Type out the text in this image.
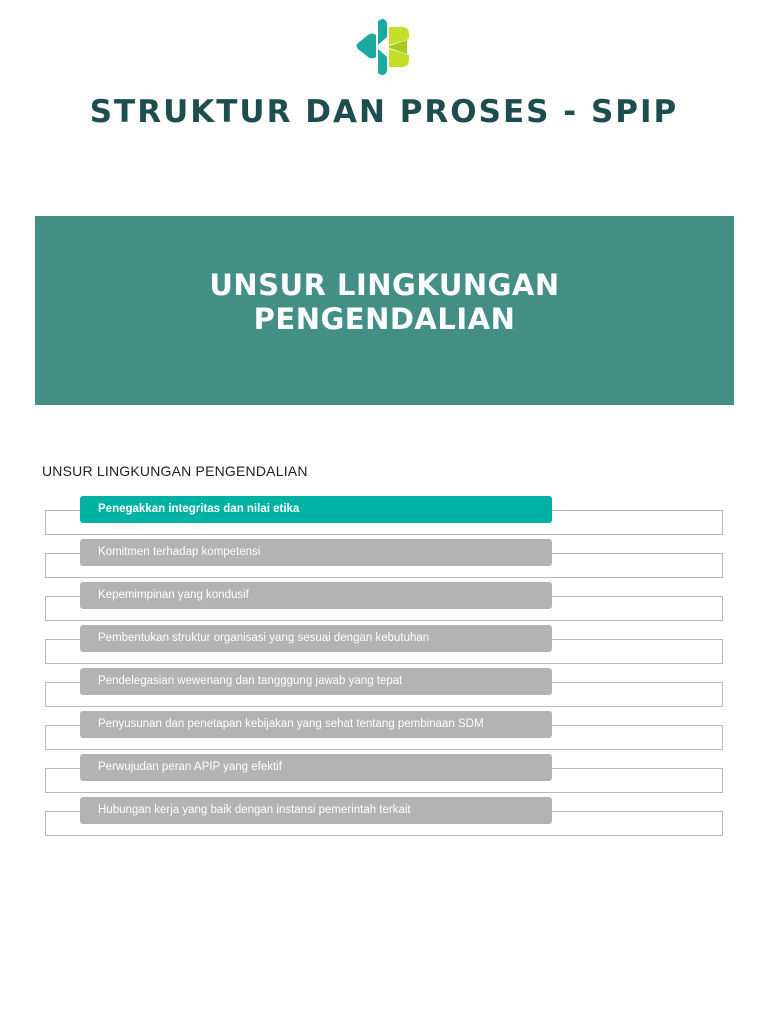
STRUKTUR DAN PROSES - SPIP
UNSUR LINGKUNGAN
PENGENDALIAN
UNSUR LINGKUNGAN PENGENDALIAN
Penegakkan integritas dan nilai etika
Komitmen terhadap kompetensi
Kepemimpinan yang kondusif
Pembentukan struktur organisasi yang sesuai dengan kebutuhan
Pendelegasian wewenang dan tangggung jawab yang tepat
Penyusunan dan penetapan kebijakan yang sehat tentang pembinaan SDM
Perwujudan peran APIP yang efektif
Hubungan kerja yang baik dengan instansi pemerintah terkait
